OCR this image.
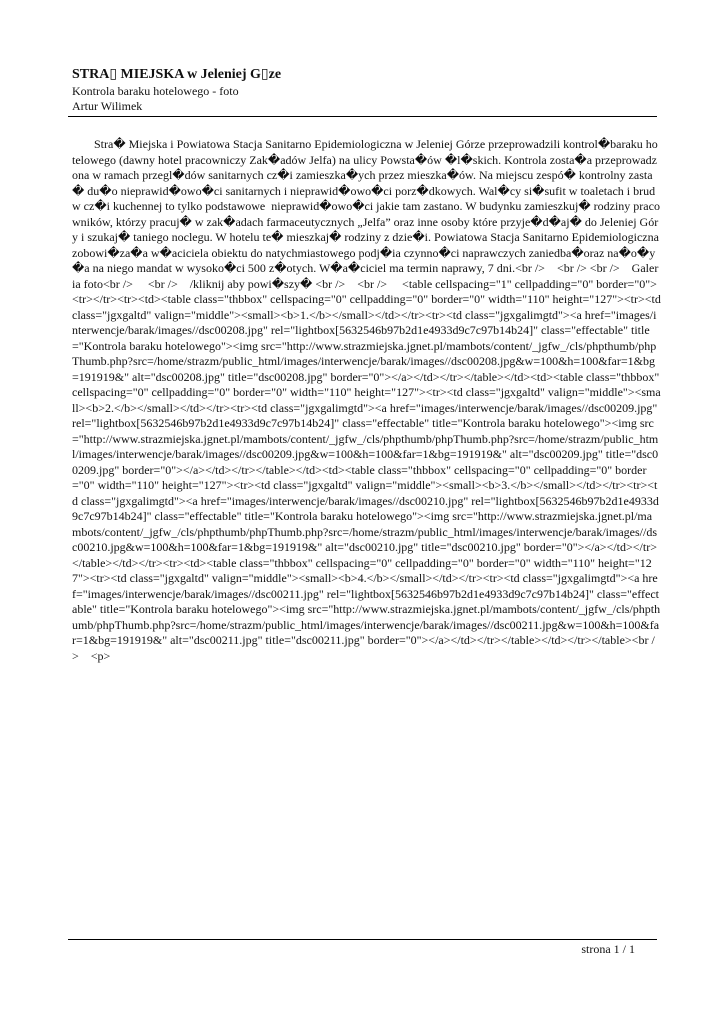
STRA▯ MIEJSKA w Jeleniej G▯ze

Kontrola baraku hotelowego - foto

Artur Wilimek

Stra� Miejska i Powiatowa Stacja Sanitarno Epidemiologiczna w Jeleniej Górze przeprowadzili kontrol�baraku hotelowego (dawny hotel pracowniczy Zak�adów Jelfa) na ulicy Powsta�ów �l�skich. Kontrola zosta�a przeprowadzona w ramach przegl�dów sanitarnych cz�i zamieszka�ych przez mieszka�ów. Na miejscu zespó� kontrolny zasta� du�o nieprawid�owo�ci sanitarnych i nieprawid�owo�ci porz�dkowych. Wal�cy si�sufit w toaletach i brud w cz�i kuchennej to tylko podstawowe  nieprawid�owo�ci jakie tam zastano. W budynku zamieszkuj� rodziny pracowników, którzy pracuj� w zak�adach farmaceutycznych „Jelfa” oraz inne osoby które przyje�d�aj� do Jeleniej Góry i szukaj� taniego noclegu. W hotelu te� mieszkaj� rodziny z dzie�i. Powiatowa Stacja Sanitarno Epidemiologiczna zobowi�za�a w�aciciela obiektu do natychmiastowego podj�ia czynno�ci naprawczych zaniedba�oraz na�o�y�a na niego mandat w wysoko�ci 500 z�otych. W�a�ciciel ma termin naprawy, 7 dni.<br />    <br /> <br />    Galeria foto<br />     <br />    /kliknij aby powi�szy� <br />    <br />     <table cellspacing="1" cellpadding="0" border="0"><tr></tr><tr><td><table class="thbbox" cellspacing="0" cellpadding="0" border="0" width="110" height="127"><tr><td class="jgxgaltd" valign="middle"><small><b>1.</b></small></td></tr><tr><td class="jgxgalimgtd"><a href="images/interwencje/barak/images//dsc00208.jpg" rel="lightbox[5632546b97b2d1e4933d9c7c97b14b24]" class="effectable" title="Kontrola baraku hotelowego"><img src="http://www.strazmiejska.jgnet.pl/mambots/content/_jgfw_/cls/phpthumb/phpThumb.php?src=/home/strazm/public_html/images/interwencje/barak/images//dsc00208.jpg&w=100&h=100&far=1&bg=191919&" alt="dsc00208.jpg" title="dsc00208.jpg" border="0"></a></td></tr></table></td><td><table class="thbbox" cellspacing="0" cellpadding="0" border="0" width="110" height="127"><tr><td class="jgxgaltd" valign="middle"><small><b>2.</b></small></td></tr><tr><td class="jgxgalimgtd"><a href="images/interwencje/barak/images//dsc00209.jpg" rel="lightbox[5632546b97b2d1e4933d9c7c97b14b24]" class="effectable" title="Kontrola baraku hotelowego"><img src="http://www.strazmiejska.jgnet.pl/mambots/content/_jgfw_/cls/phpthumb/phpThumb.php?src=/home/strazm/public_html/images/interwencje/barak/images//dsc00209.jpg&w=100&h=100&far=1&bg=191919&" alt="dsc00209.jpg" title="dsc00209.jpg" border="0"></a></td></tr></table></td><td><table class="thbbox" cellspacing="0" cellpadding="0" border="0" width="110" height="127"><tr><td class="jgxgaltd" valign="middle"><small><b>3.</b></small></td></tr><tr><td class="jgxgalimgtd"><a href="images/interwencje/barak/images//dsc00210.jpg" rel="lightbox[5632546b97b2d1e4933d9c7c97b14b24]" class="effectable" title="Kontrola baraku hotelowego"><img src="http://www.strazmiejska.jgnet.pl/mambots/content/_jgfw_/cls/phpthumb/phpThumb.php?src=/home/strazm/public_html/images/interwencje/barak/images//dsc00210.jpg&w=100&h=100&far=1&bg=191919&" alt="dsc00210.jpg" title="dsc00210.jpg" border="0"></a></td></tr></table></td></tr><tr><td><table class="thbbox" cellspacing="0" cellpadding="0" border="0" width="110" height="127"><tr><td class="jgxgaltd" valign="middle"><small><b>4.</b></small></td></tr><tr><td class="jgxgalimgtd"><a href="images/interwencje/barak/images//dsc00211.jpg" rel="lightbox[5632546b97b2d1e4933d9c7c97b14b24]" class="effectable" title="Kontrola baraku hotelowego"><img src="http://www.strazmiejska.jgnet.pl/mambots/content/_jgfw_/cls/phpthumb/phpThumb.php?src=/home/strazm/public_html/images/interwencje/barak/images//dsc00211.jpg&w=100&h=100&far=1&bg=191919&" alt="dsc00211.jpg" title="dsc00211.jpg" border="0"></a></td></tr></table></td></tr></table><br />    <p>

strona 1 / 1
